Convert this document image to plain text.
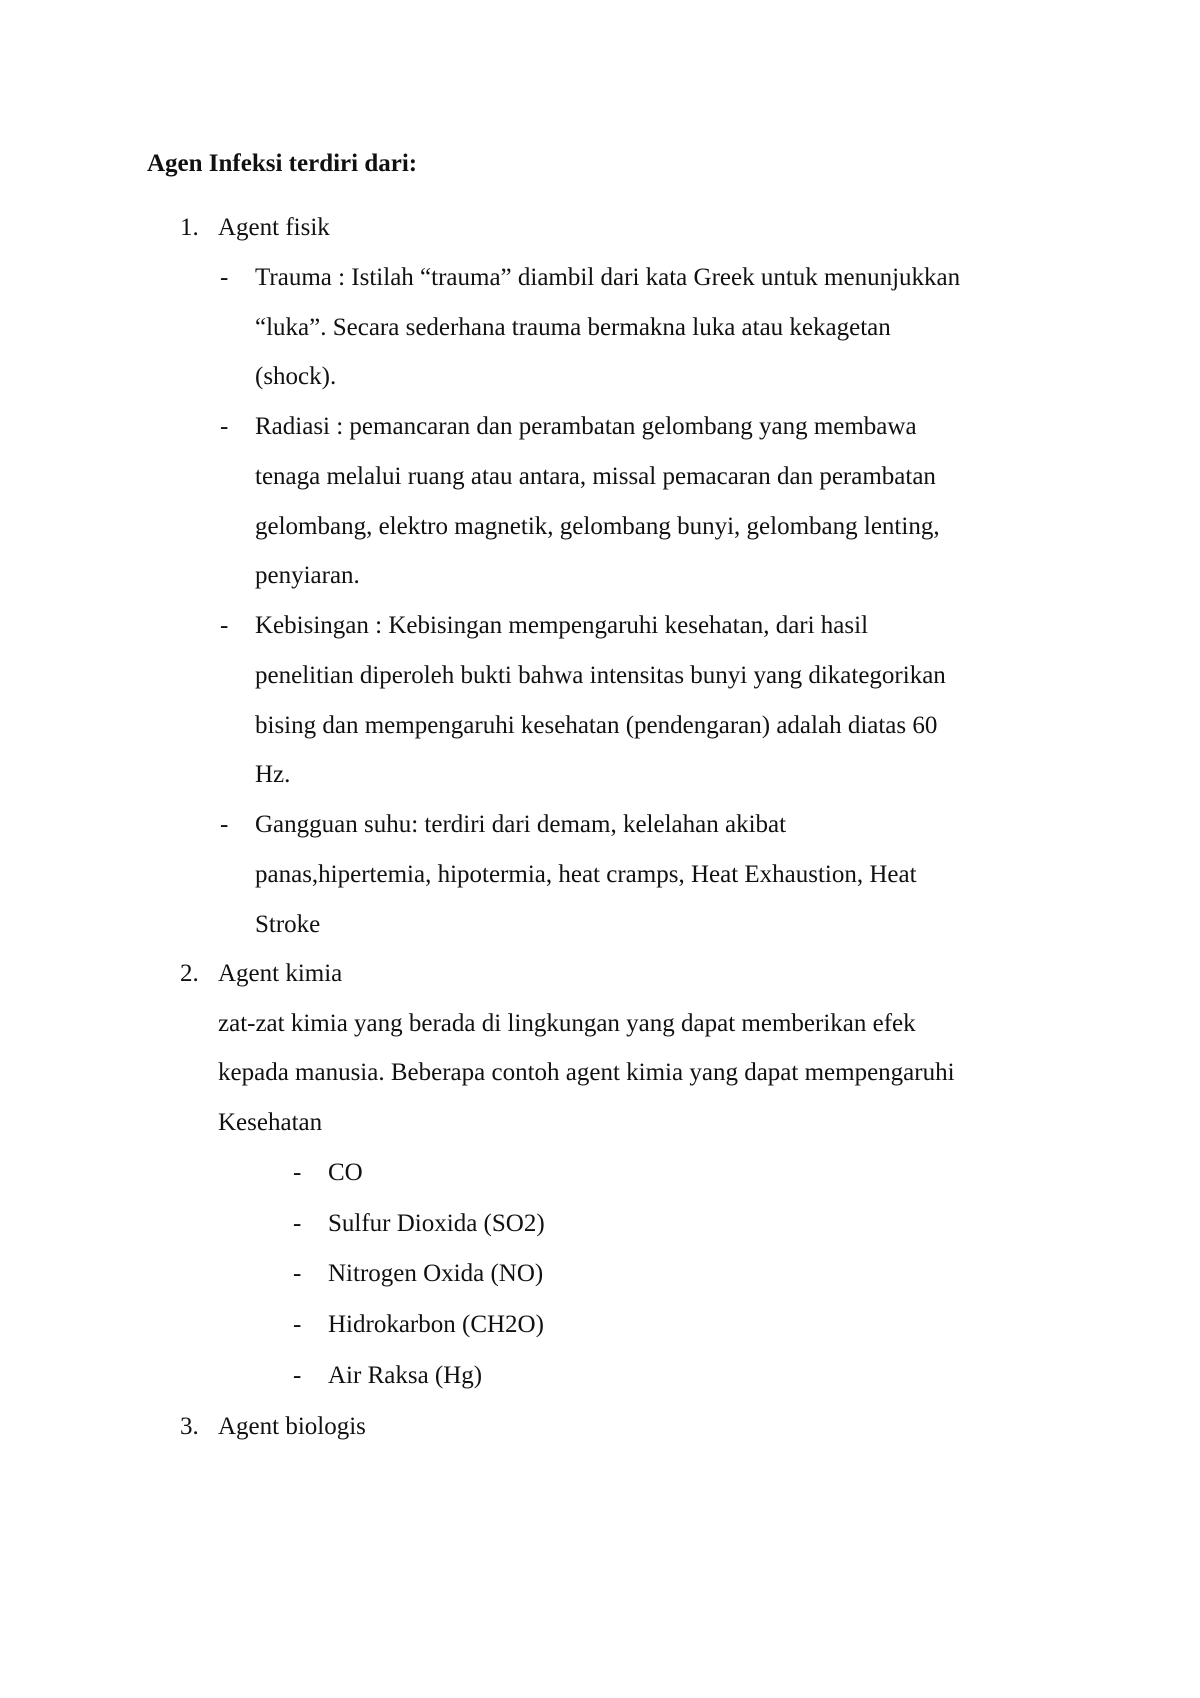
Agen Infeksi terdiri dari:
1. Agent fisik
- Trauma : Istilah “trauma” diambil dari kata Greek untuk menunjukkan
“luka”. Secara sederhana trauma bermakna luka atau kekagetan
(shock).
- Radiasi : pemancaran dan perambatan gelombang yang membawa
tenaga melalui ruang atau antara, missal pemacaran dan perambatan
gelombang, elektro magnetik, gelombang bunyi, gelombang lenting,
penyiaran.
- Kebisingan : Kebisingan mempengaruhi kesehatan, dari hasil
penelitian diperoleh bukti bahwa intensitas bunyi yang dikategorikan
bising dan mempengaruhi kesehatan (pendengaran) adalah diatas 60
Hz.
- Gangguan suhu: terdiri dari demam, kelelahan akibat
panas,hipertemia, hipotermia, heat cramps, Heat Exhaustion, Heat
Stroke
2. Agent kimia
zat-zat kimia yang berada di lingkungan yang dapat memberikan efek
kepada manusia. Beberapa contoh agent kimia yang dapat mempengaruhi
Kesehatan
- CO
- Sulfur Dioxida (SO2)
- Nitrogen Oxida (NO)
- Hidrokarbon (CH2O)
- Air Raksa (Hg)
3. Agent biologis
